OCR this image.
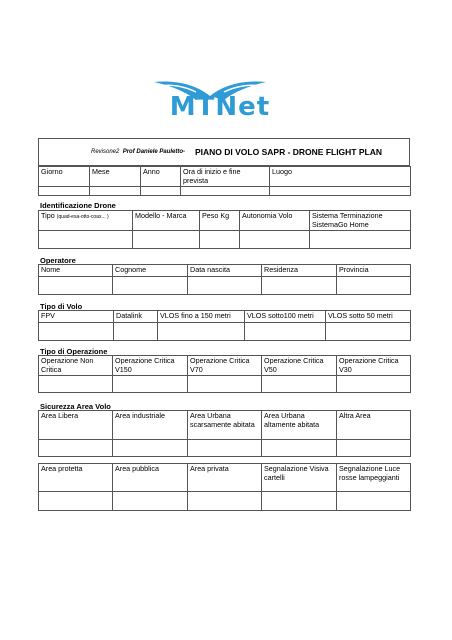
MTNet
Revisone2 Prof Daniele Pauletto- PIANO DI VOLO SAPR - DRONE FLIGHT PLAN
Giorno	Mese	Anno	Ora di inizio e fine prevista	Luogo

Identificazione Drone
Tipo (quad-esa-otto-coax... )	Modello - Marca	Peso Kg	Autonomia Volo	Sistema Terminazione SistemaGo Home

Operatore
Nome	Cognome	Data nascita	Residenza	Provincia

Tipo di Volo
FPV	Datalink	VLOS fino a 150 metri	VLOS sotto100 metri	VLOS sotto 50 metri

Tipo di Operazione
Operazione Non Critica	Operazione Critica V150	Operazione Critica V70	Operazione Critica V50	Operazione Critica V30

Sicurezza Area Volo
Area Libera	Area industriale	Area Urbana scarsamente abitata	Area Urbana altamente abitata	Altra Area

Area protetta	Area pubblica	Area privata	Segnalazione Visiva cartelli	Segnalazione Luce rosse lampeggianti
